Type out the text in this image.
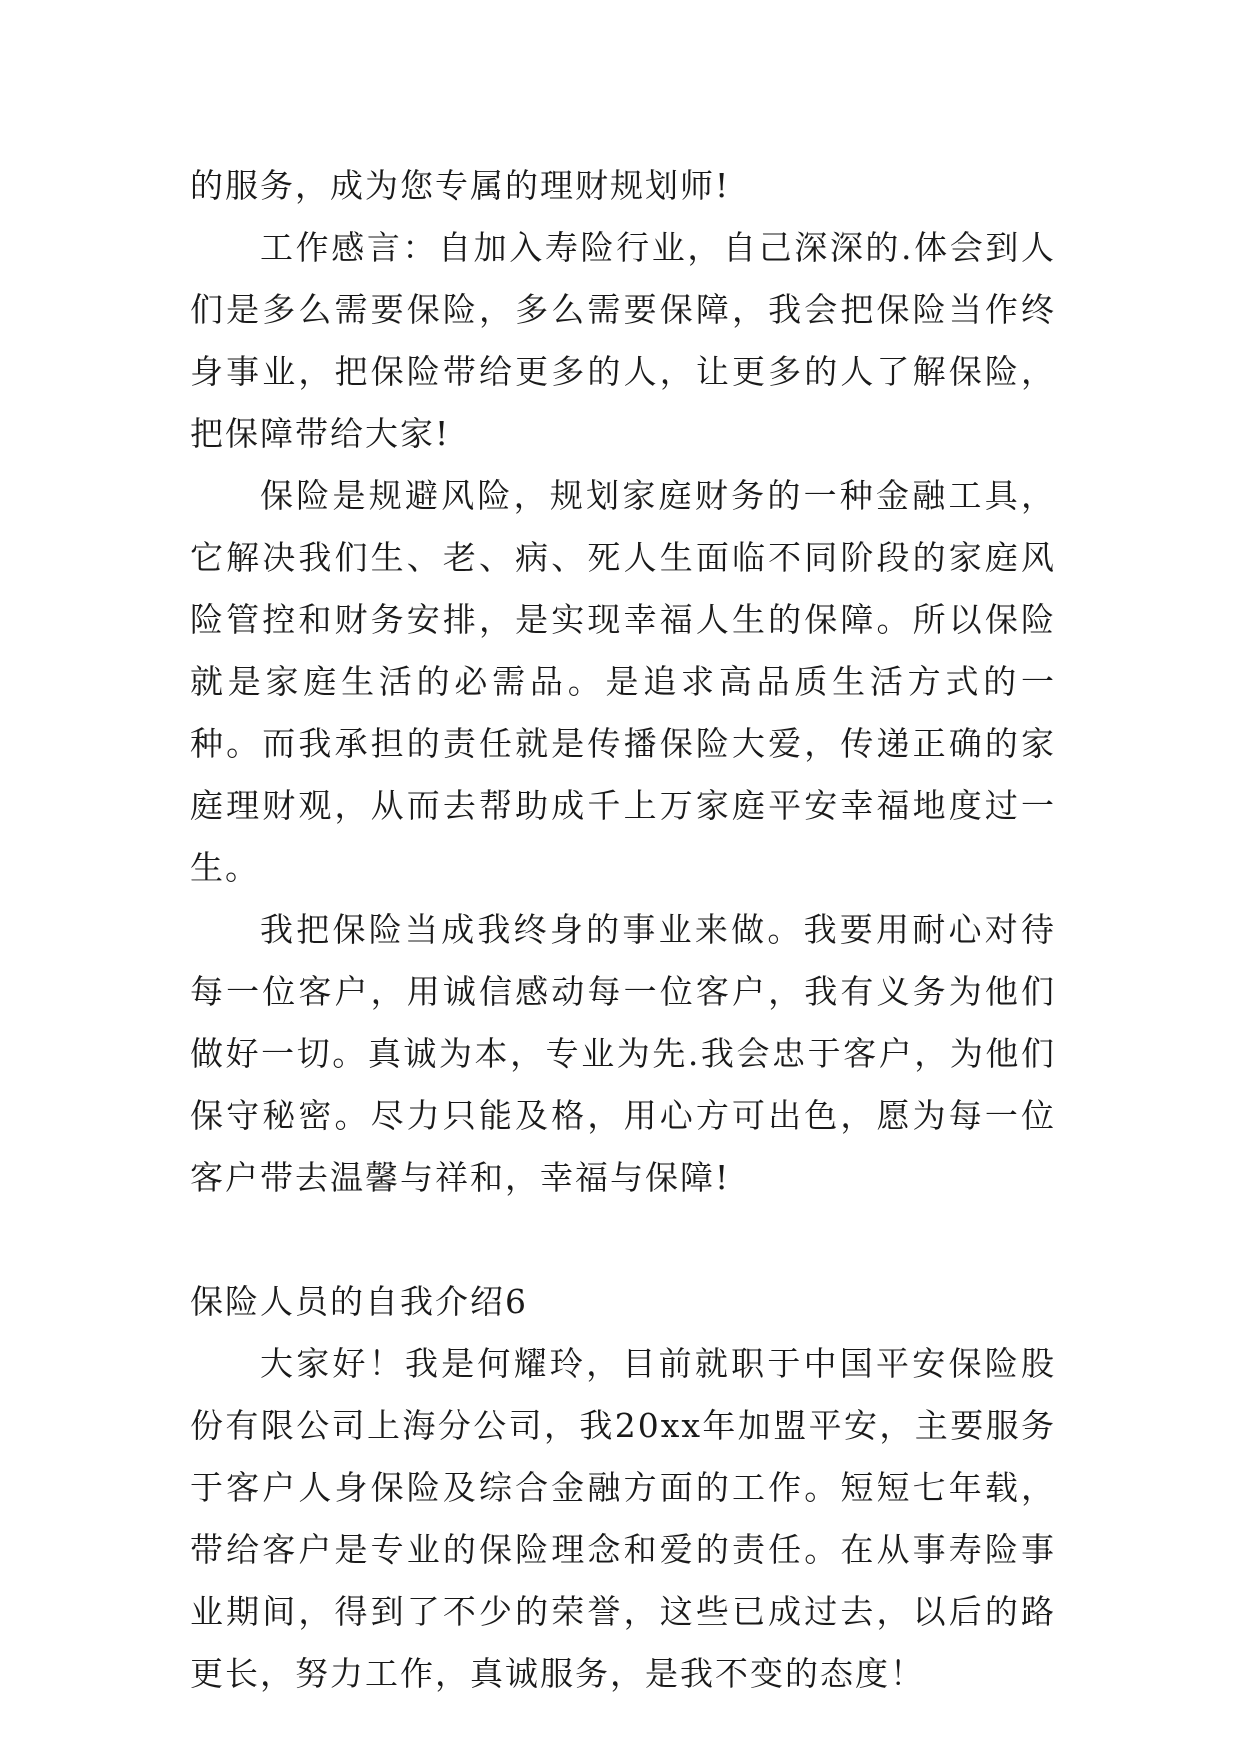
的服务，成为您专属的理财规划师!

工作感言：自加入寿险行业，自己深深的.体会到人们是多么需要保险，多么需要保障，我会把保险当作终身事业，把保险带给更多的人，让更多的人了解保险，把保障带给大家!

保险是规避风险，规划家庭财务的一种金融工具，它解决我们生、老、病、死人生面临不同阶段的家庭风险管控和财务安排，是实现幸福人生的保障。所以保险就是家庭生活的必需品。是追求高品质生活方式的一种。而我承担的责任就是传播保险大爱，传递正确的家庭理财观，从而去帮助成千上万家庭平安幸福地度过一生。

我把保险当成我终身的事业来做。我要用耐心对待每一位客户，用诚信感动每一位客户，我有义务为他们做好一切。真诚为本，专业为先.我会忠于客户，为他们保守秘密。尽力只能及格，用心方可出色，愿为每一位客户带去温馨与祥和，幸福与保障!

保险人员的自我介绍6

大家好！我是何耀玲，目前就职于中国平安保险股份有限公司上海分公司，我20xx年加盟平安，主要服务于客户人身保险及综合金融方面的工作。短短七年载，带给客户是专业的保险理念和爱的责任。在从事寿险事业期间，得到了不少的荣誉，这些已成过去，以后的路更长，努力工作，真诚服务，是我不变的态度！
